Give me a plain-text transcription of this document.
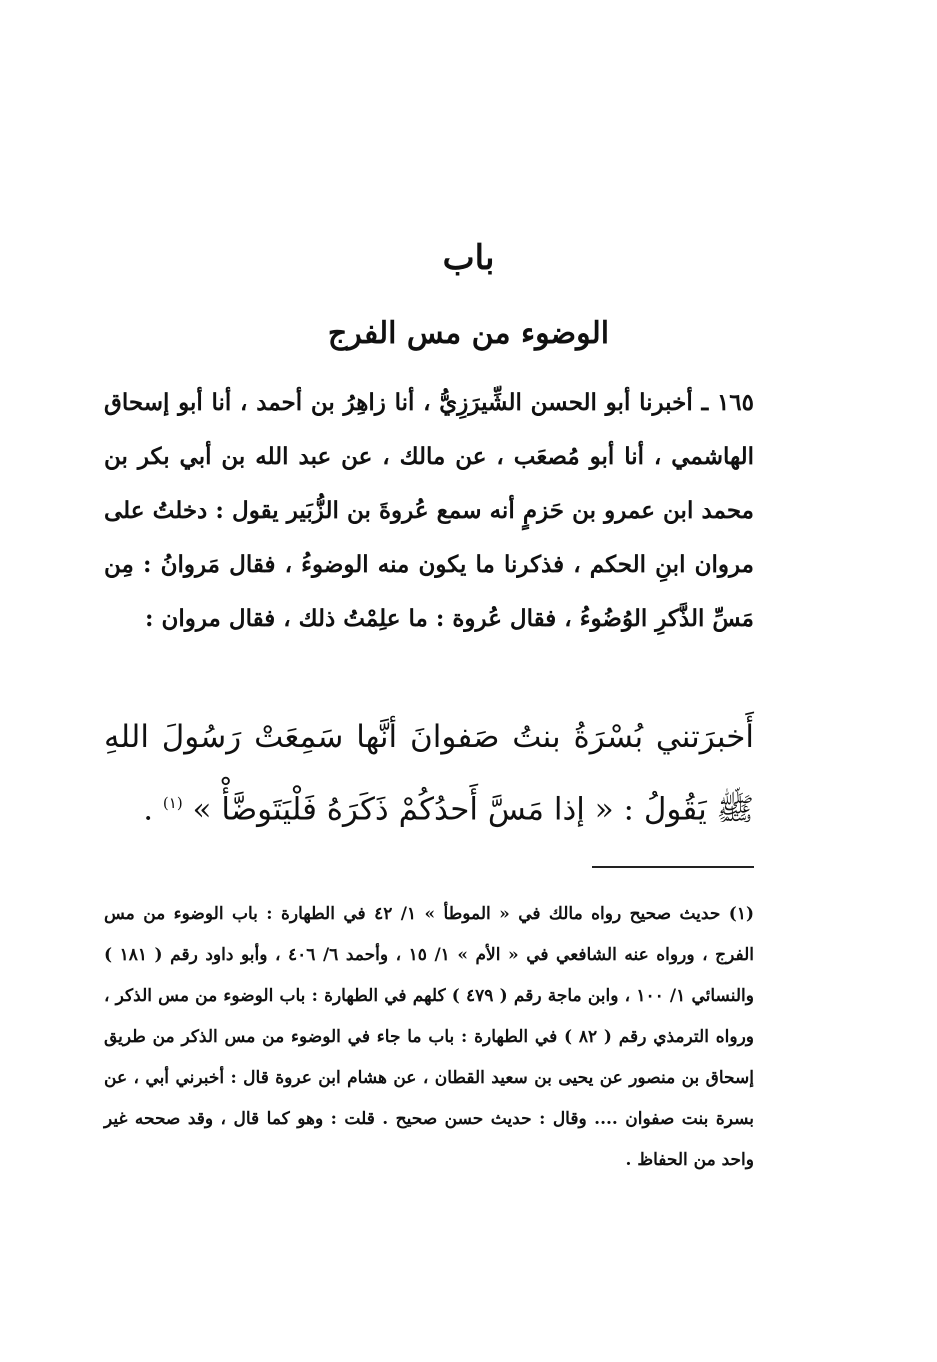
باب
الوضوء من مس الفرج
١٦٥ ـ أخبرنا أبو الحسن الشِّيرَزِيُّ ، أنا زاهِرُ بن أحمد ، أنا أبو إسحاق الهاشمي ، أنا أبو مُصعَب ، عن مالك ، عن عبد الله بن أبي بكر بن محمد ابن عمرو بن حَزمٍ أنه سمع عُروةَ بن الزُّبَير يقول : دخلتُ على مروان ابنِ الحكم ، فذكرنا ما يكون منه الوضوءُ ، فقال مَروانُ : مِن مَسِّ الذَّكرِ الوُضُوءُ ، فقال عُروة : ما علِمْتُ ذلك ، فقال مروان :
أَخبرَتني بُسْرَةُ بنتُ صَفوانَ أنَّها سَمِعَتْ رَسُولَ اللهِ ﷺ يَقُولُ : « إذا مَسَّ أَحدُكُمْ ذَكَرَهُ فَلْيَتَوضَّأْ » $^{(١)}$ .
(١) حديث صحيح رواه مالك في « الموطأ » ١/ ٤٢ في الطهارة : باب الوضوء من مس الفرج ، ورواه عنه الشافعي في « الأم » ١/ ١٥ ، وأحمد ٦/ ٤٠٦ ، وأبو داود رقم ( ١٨١ ) والنسائي ١/ ١٠٠ ، وابن ماجة رقم ( ٤٧٩ ) كلهم في الطهارة : باب الوضوء من مس الذكر ، ورواه الترمذي رقم ( ٨٢ ) في الطهارة : باب ما جاء في الوضوء من مس الذكر من طريق إسحاق بن منصور عن يحيى بن سعيد القطان ، عن هشام ابن عروة قال : أخبرني أبي ، عن بسرة بنت صفوان .... وقال : حديث حسن صحيح . قلت : وهو كما قال ، وقد صححه غير واحد من الحفاظ .
